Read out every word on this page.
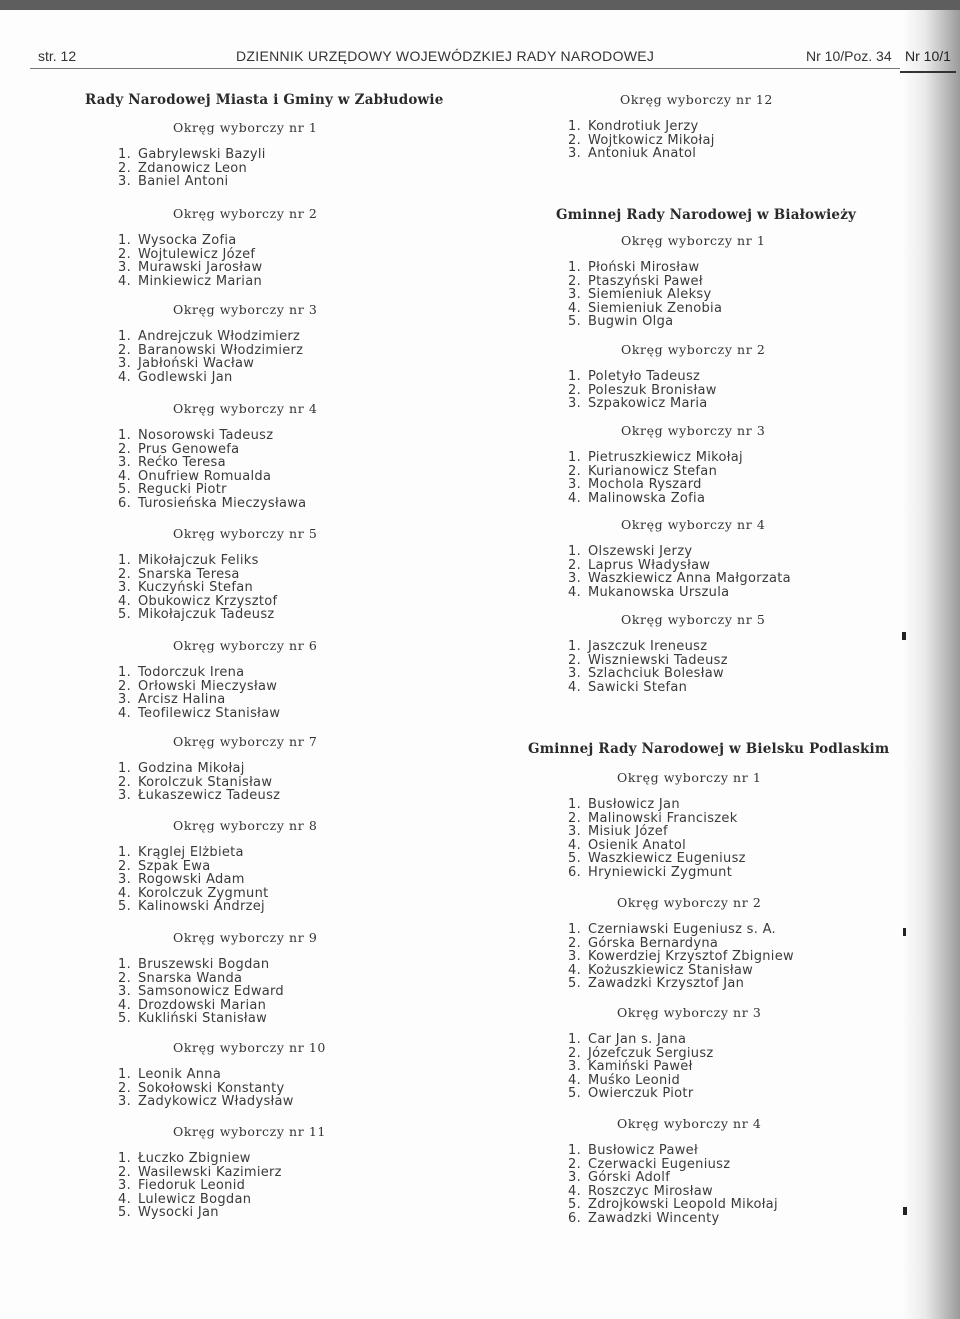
str. 12	DZIENNIK URZĘDOWY WOJEWÓDZKIEJ RADY NARODOWEJ	Nr 10/Poz. 34 Nr 10/1
Rady Narodowej Miasta i Gminy w Zabłudowie
Okręg wyborczy nr 1
1. Gabrylewski Bazyli
2. Zdanowicz Leon
3. Baniel Antoni
Okręg wyborczy nr 2
1. Wysocka Zofia
2. Wojtulewicz Józef
3. Murawski Jarosław
4. Minkiewicz Marian
Okręg wyborczy nr 3
1. Andrejczuk Włodzimierz
2. Baranowski Włodzimierz
3. Jabłoński Wacław
4. Godlewski Jan
Okręg wyborczy nr 4
1. Nosorowski Tadeusz
2. Prus Genowefa
3. Rećko Teresa
4. Onufriew Romualda
5. Regucki Piotr
6. Turosieńska Mieczysława
Okręg wyborczy nr 5
1. Mikołajczuk Feliks
2. Snarska Teresa
3. Kuczyński Stefan
4. Obukowicz Krzysztof
5. Mikołajczuk Tadeusz
Okręg wyborczy nr 6
1. Todorczuk Irena
2. Orłowski Mieczysław
3. Arcisz Halina
4. Teofilewicz Stanisław
Okręg wyborczy nr 7
1. Godzina Mikołaj
2. Korolczuk Stanisław
3. Łukaszewicz Tadeusz
Okręg wyborczy nr 8
1. Krąglej Elżbieta
2. Szpak Ewa
3. Rogowski Adam
4. Korolczuk Zygmunt
5. Kalinowski Andrzej
Okręg wyborczy nr 9
1. Bruszewski Bogdan
2. Snarska Wanda
3. Samsonowicz Edward
4. Drozdowski Marian
5. Kukliński Stanisław
Okręg wyborczy nr 10
1. Leonik Anna
2. Sokołowski Konstanty
3. Zadykowicz Władysław
Okręg wyborczy nr 11
1. Łuczko Zbigniew
2. Wasilewski Kazimierz
3. Fiedoruk Leonid
4. Lulewicz Bogdan
5. Wysocki Jan
Gminnej Rady Narodowej w Białowieży
Gminnej Rady Narodowej w Bielsku Podlaskim
Okręg wyborczy nr 12
1. Kondrotiuk Jerzy
2. Wojtkowicz Mikołaj
3. Antoniuk Anatol
Okręg wyborczy nr 1
1. Płoński Mirosław
2. Ptaszyński Paweł
3. Siemieniuk Aleksy
4. Siemieniuk Zenobia
5. Bugwin Olga
Okręg wyborczy nr 2
1. Poletyło Tadeusz
2. Poleszuk Bronisław
3. Szpakowicz Maria
Okręg wyborczy nr 3
1. Pietruszkiewicz Mikołaj
2. Kurianowicz Stefan
3. Mochola Ryszard
4. Malinowska Zofia
Okręg wyborczy nr 4
1. Olszewski Jerzy
2. Laprus Władysław
3. Waszkiewicz Anna Małgorzata
4. Mukanowska Urszula
Okręg wyborczy nr 5
1. Jaszczuk Ireneusz
2. Wiszniewski Tadeusz
3. Szlachciuk Bolesław
4. Sawicki Stefan
Okręg wyborczy nr 1
1. Busłowicz Jan
2. Malinowski Franciszek
3. Misiuk Józef
4. Osienik Anatol
5. Waszkiewicz Eugeniusz
6. Hryniewicki Zygmunt
Okręg wyborczy nr 2
1. Czerniawski Eugeniusz s. A.
2. Górska Bernardyna
3. Kowerdziej Krzysztof Zbigniew
4. Kożuszkiewicz Stanisław
5. Zawadzki Krzysztof Jan
Okręg wyborczy nr 3
1. Car Jan s. Jana
2. Józefczuk Sergiusz
3. Kamiński Paweł
4. Muśko Leonid
5. Owierczuk Piotr
Okręg wyborczy nr 4
1. Busłowicz Paweł
2. Czerwacki Eugeniusz
3. Górski Adolf
4. Roszczyc Mirosław
5. Zdrojkowski Leopold Mikołaj
6. Zawadzki Wincenty
